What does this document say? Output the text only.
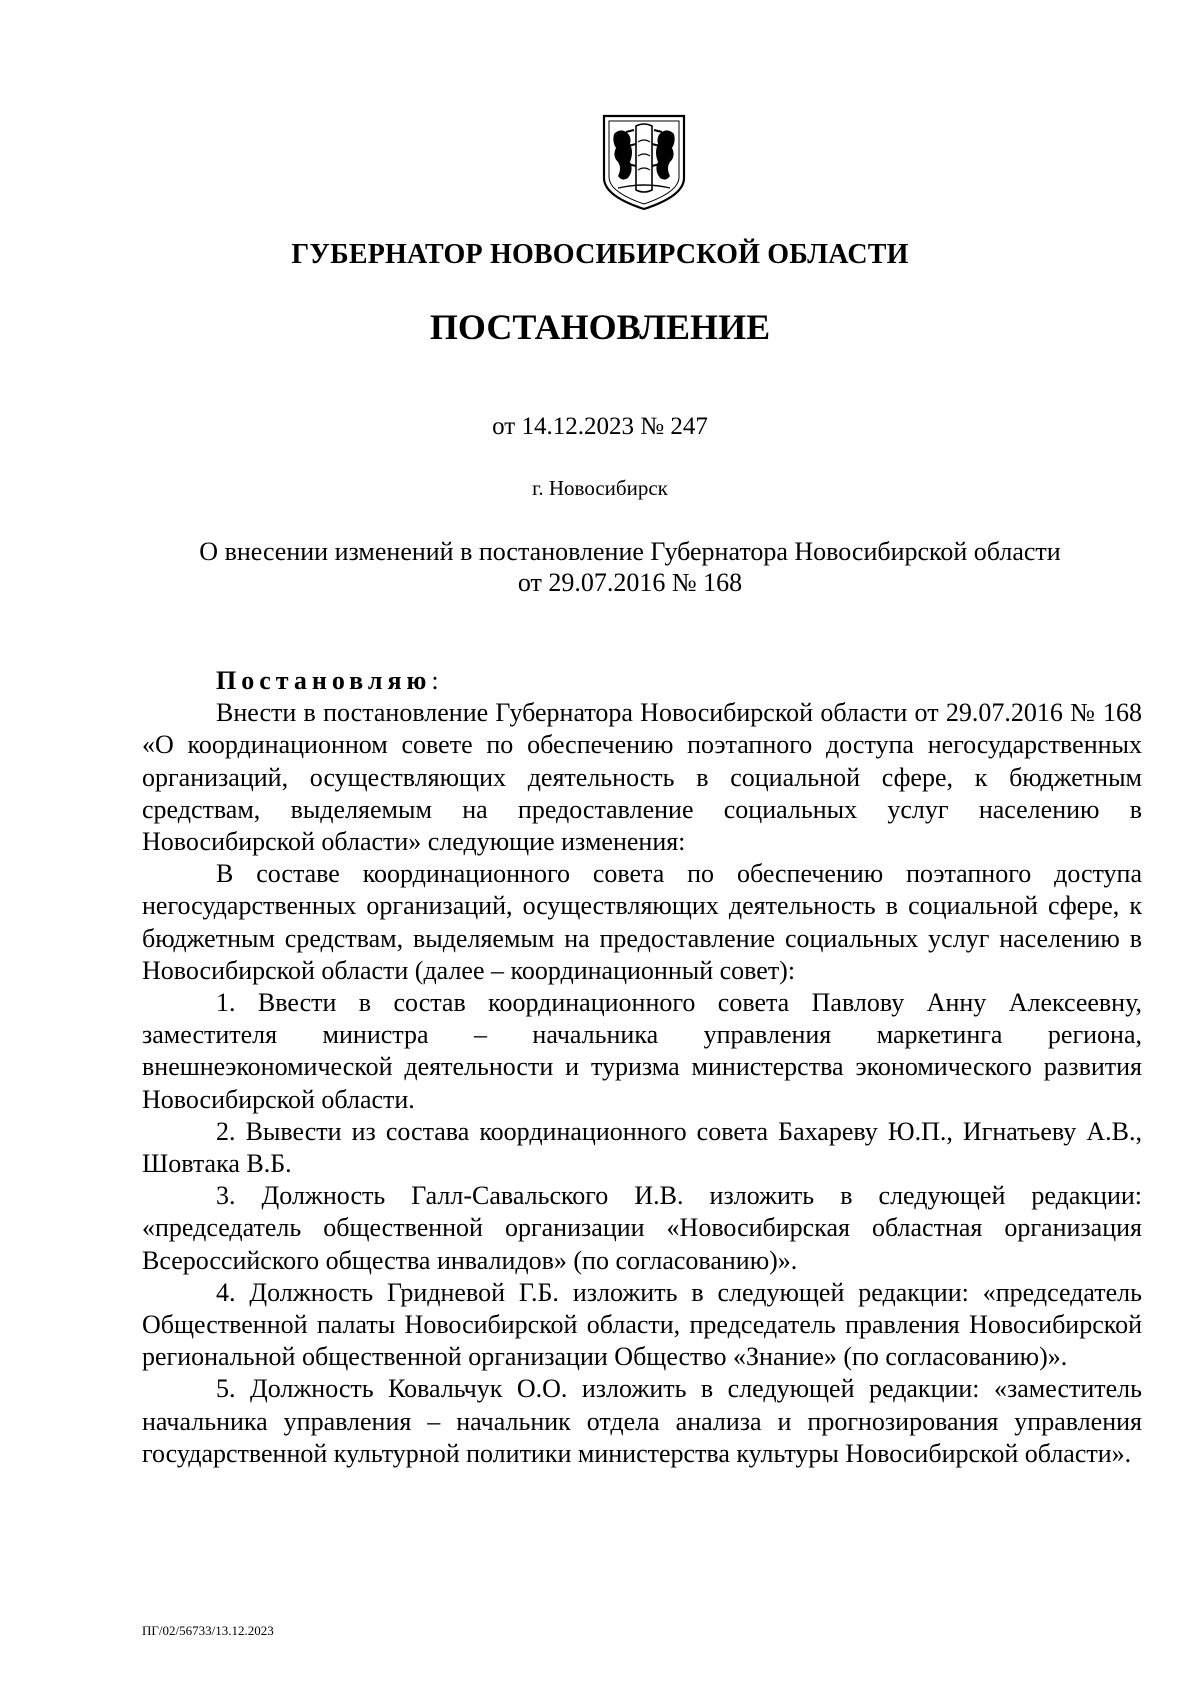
ГУБЕРНАТОР НОВОСИБИРСКОЙ ОБЛАСТИ
ПОСТАНОВЛЕНИЕ
от 14.12.2023 № 247
г. Новосибирск
О внесении изменений в постановление Губернатора Новосибирской области
от 29.07.2016 № 168

Постановляю:

Внести в постановление Губернатора Новосибирской области от 29.07.2016 № 168 «О координационном совете по обеспечению поэтапного доступа негосударственных организаций, осуществляющих деятельность в социальной сфере, к бюджетным средствам, выделяемым на предоставление социальных услуг населению в Новосибирской области» следующие изменения:

В составе координационного совета по обеспечению поэтапного доступа негосударственных организаций, осуществляющих деятельность в социальной сфере, к бюджетным средствам, выделяемым на предоставление социальных услуг населению в Новосибирской области (далее – координационный совет):

1. Ввести в состав координационного совета Павлову Анну Алексеевну, заместителя министра – начальника управления маркетинга региона, внешнеэкономической деятельности и туризма министерства экономического развития Новосибирской области.

2. Вывести из состава координационного совета Бахареву Ю.П., Игнатьеву А.В., Шовтака В.Б.

3. Должность Галл-Савальского И.В. изложить в следующей редакции: «председатель общественной организации «Новосибирская областная организация Всероссийского общества инвалидов» (по согласованию)».

4. Должность Гридневой Г.Б. изложить в следующей редакции: «председатель Общественной палаты Новосибирской области, председатель правления Новосибирской региональной общественной организации Общество «Знание» (по согласованию)».

5. Должность Ковальчук О.О. изложить в следующей редакции: «заместитель начальника управления – начальник отдела анализа и прогнозирования управления государственной культурной политики министерства культуры Новосибирской области».

ПГ/02/56733/13.12.2023
